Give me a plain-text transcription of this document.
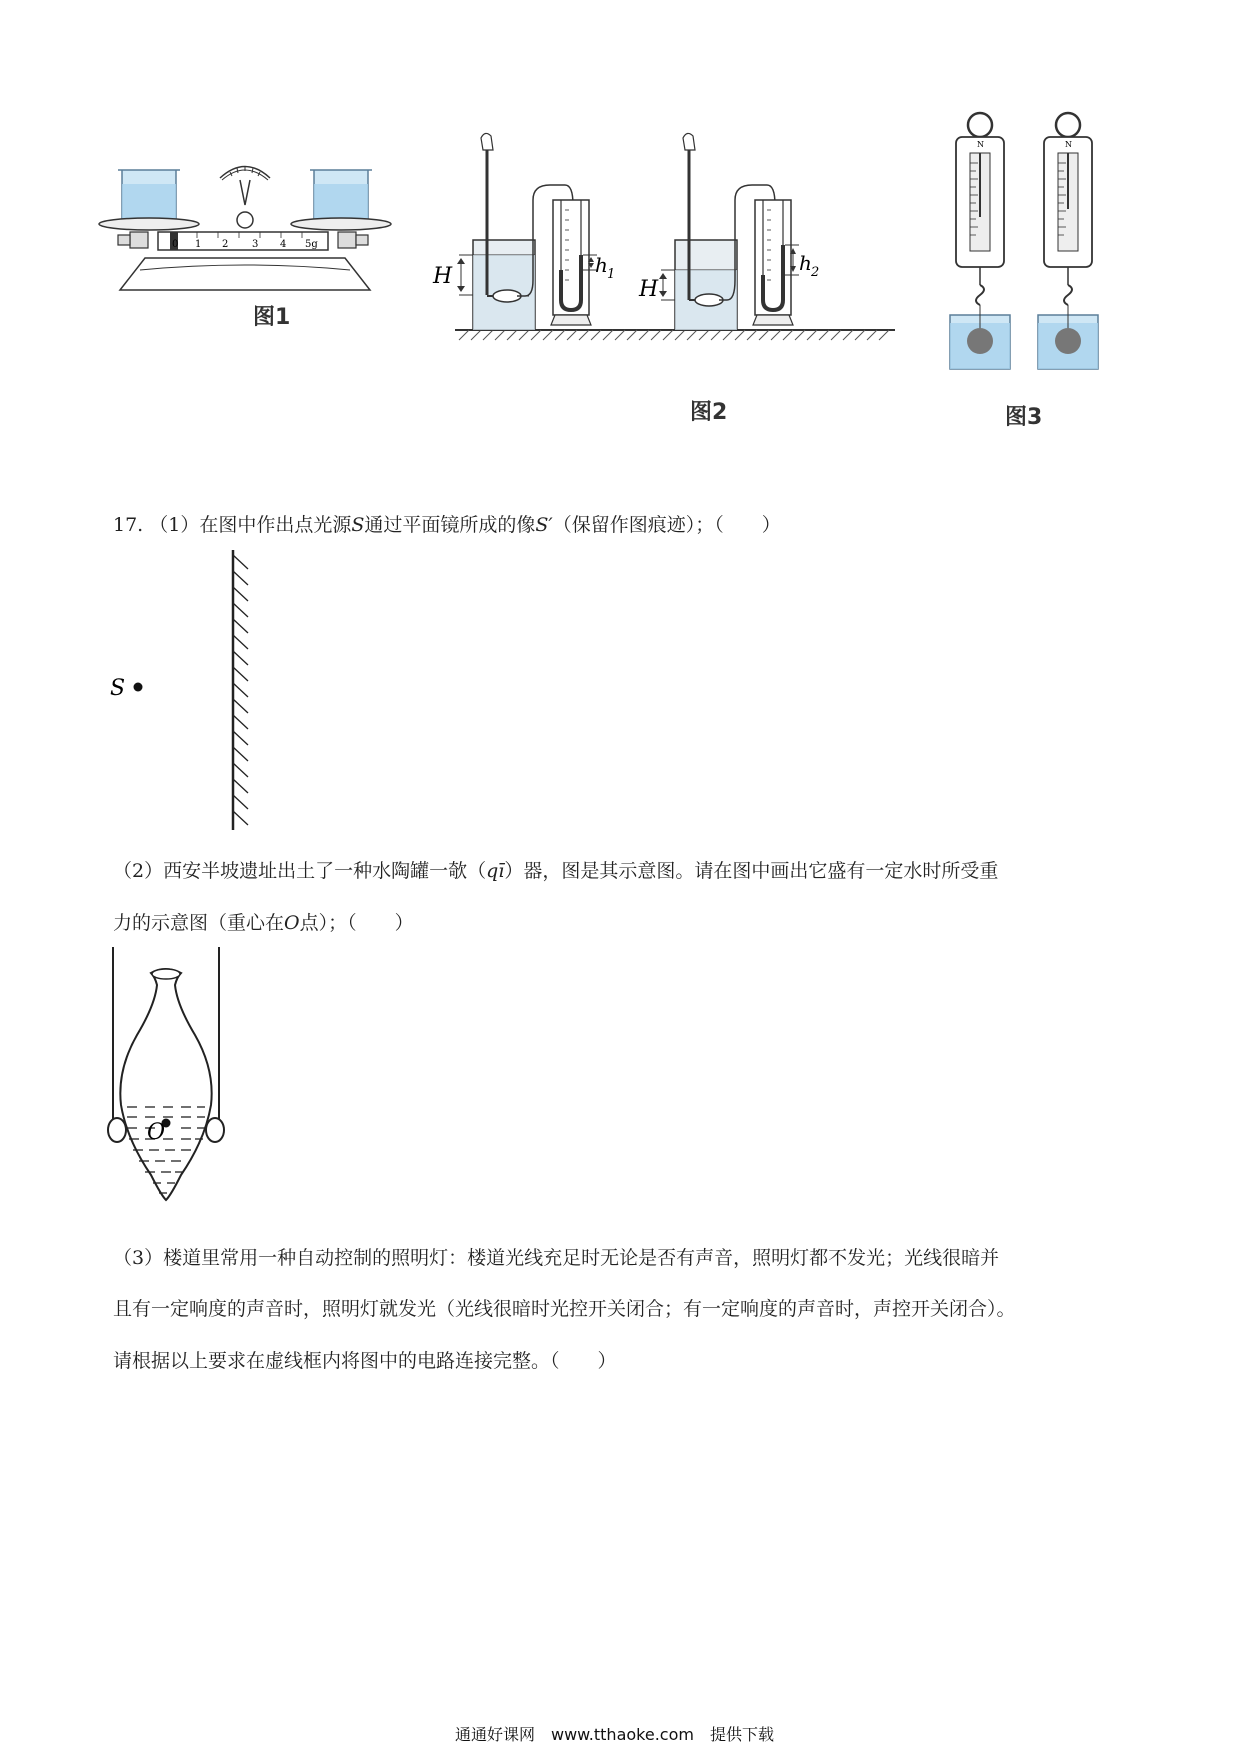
0 1 2 3 4 5g
图1
H	h 1
H
h 2
图2
N	N
图3
17. （1）在图中作出点光源S通过平面镜所成的像S′（保留作图痕迹）；（　　）
S
（2）西安半坡遗址出土了一种水陶罐一欹（qī）器，图是其示意图。请在图中画出它盛有一定水时所受重
力的示意图（重心在O点）；（　　）
O
（3）楼道里常用一种自动控制的照明灯：楼道光线充足时无论是否有声音，照明灯都不发光；光线很暗并
且有一定响度的声音时，照明灯就发光（光线很暗时光控开关闭合；有一定响度的声音时，声控开关闭合）。
请根据以上要求在虚线框内将图中的电路连接完整。（　　）
通通好课网　www.tthaoke.com　提供下载
